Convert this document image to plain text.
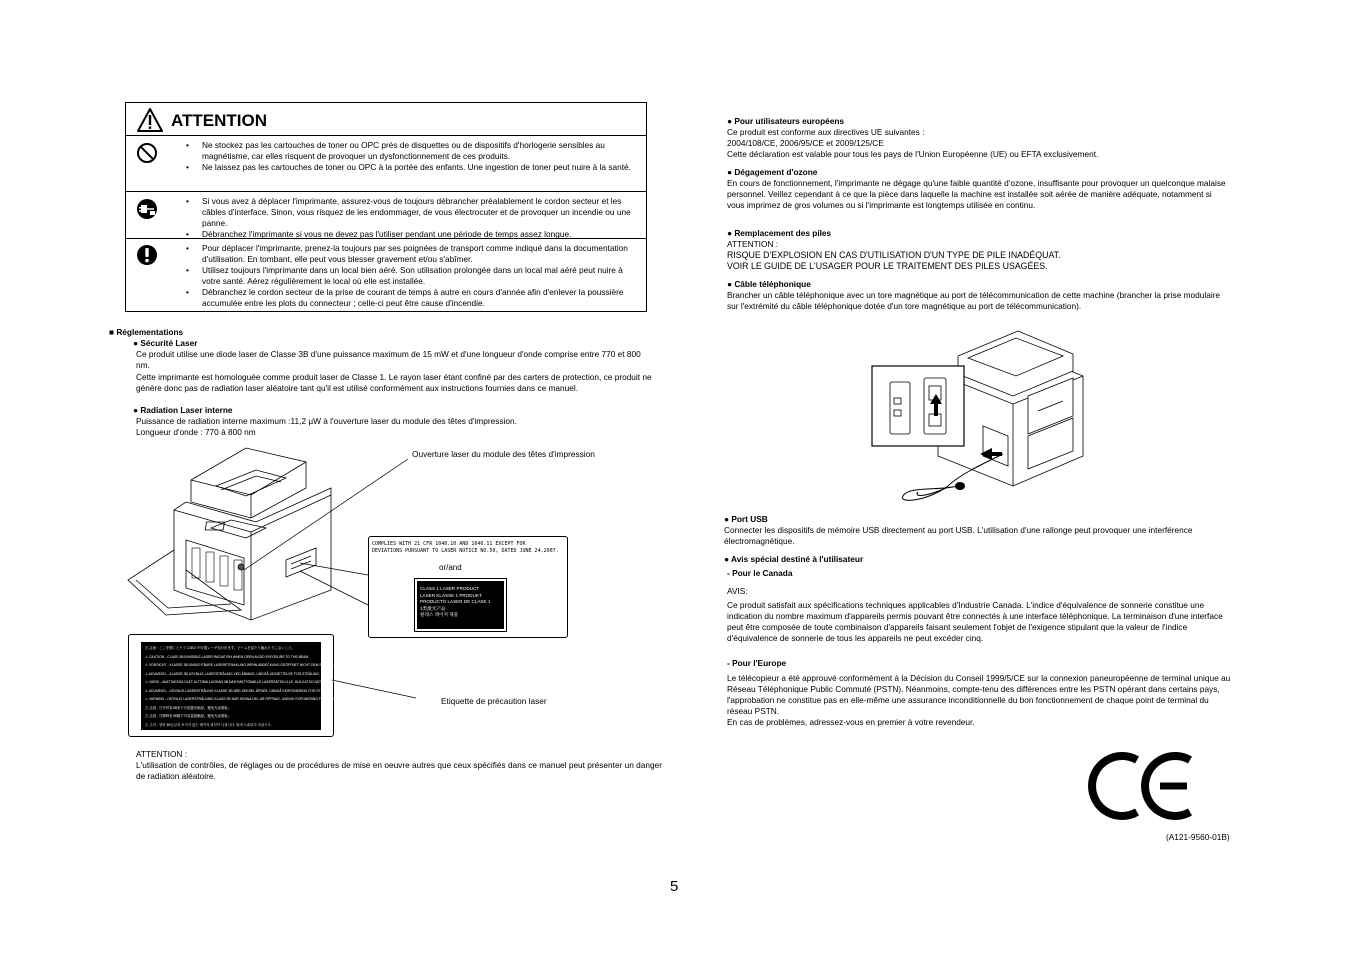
ATTENTION
• Ne stockez pas les cartouches de toner ou OPC près de disquettes ou de dispositifs d'horlogerie sensibles au magnétisme, car elles risquent de provoquer un dysfonctionnement de ces produits.
• Ne laissez pas les cartouches de toner ou OPC à la portée des enfants. Une ingestion de toner peut nuire à la santé.
• Si vous avez à déplacer l'imprimante, assurez-vous de toujours débrancher préalablement le cordon secteur et les câbles d'interface. Sinon, vous risquez de les endommager, de vous électrocuter et de provoquer un incendie ou une panne.
• Débranchez l'imprimante si vous ne devez pas l'utiliser pendant une période de temps assez longue.
• Pour déplacer l'imprimante, prenez-la toujours par ses poignées de transport comme indiqué dans la documentation d'utilisation. En tombant, elle peut vous blesser gravement et/ou s'abîmer.
• Utilisez toujours l'imprimante dans un local bien aéré. Son utilisation prolongée dans un local mal aéré peut nuire à votre santé. Aérez régulièrement le local où elle est installée.
• Débranchez le cordon secteur de la prise de courant de temps à autre en cours d'année afin d'enlever la poussière accumulée entre les plots du connecteur ; celle-ci peut être cause d'incendie.

■ Réglementations

● Sécurité Laser

Ce produit utilise une diode laser de Classe 3B d'une puissance maximum de 15 mW et d'une longueur d'onde comprise entre 770 et 800 nm.

Cette imprimante est homologuée comme produit laser de Classe 1. Le rayon laser étant confiné par des carters de protection, ce produit ne génère donc pas de radiation laser aléatoire tant qu'il est utilisé conformément aux instructions fournies dans ce manuel.

● Radiation Laser interne

Puissance de radiation interne maximum :11,2 µW à l'ouverture laser du module des têtes d'impression.

Longueur d'onde : 770 à 800 nm

Ouverture laser du module des têtes d'impression

Etiquette de précaution laser

COMPLIES WITH 21 CFR 1040.10 AND 1040.11 EXCEPT FOR
DEVIATIONS PURSUANT TO LASER NOTICE NO.50, DATED JUNE 24,2007.
or/and
CLASS 1 LASER PRODUCT
LASER KLASSE 1 PRODUKT
PRODUCTO LASER DE CLASE 1
1类激光产品
클래스 레이저 제품
⚠ 注意 : ここを開くとクラス3Bの不可視レーザ光が出ます。ビームを見たり触れたりしないこと。
⚠ CAUTION - CLASS 3B INVISIBLE LASER RADIATION WHEN OPEN AVOID EXPOSURE TO THE BEAM.
⚠ VORSICHT - KLASSE 3B UNSICHTBARE LASERSTRAHLUNG WENN ABDECKUNG GEÖFFNET NICHT DEM STRAHL AUSSETZEN.
⚠ ADVARSEL - KLASSE 3B USYNLIG LASERSTRÅLING VED ÅBNING, UNDGÅ UDSÆTTELSE FOR STRÅLING.
⚠ VARO! - AVATTAESSA OLET ALTTIINA LUOKAN 3B NÄKYMÄTTÖMÄLLE LASERSÄTEILYLLE. ÄLÄ KATSO SÄTEESEEN.
⚠ ADVARSEL - USYNLIG LASERSTRÅLING KLASSE 3B NÅR DEKSEL ÅPNES, UNNGÅ EKSPONERING FOR STRÅLEN.
⚠ VARNING - OSYNLIG LASERSTRÅLNING KLASS 3B NÄR DENNA DEL ÄR ÖPPNAD. UNDVIK EXPONERING FÖR STRÅLEN.
⚠ 注意 - 打开时有3B类不可见激光辐射。避免光束照射。
⚠ 注意 - 打開時有3B類不可見雷射輻射。避免光束照射。
⚠ 주의 - 열면 3B등급의 보이지 않는 레이저 광선이 나옵니다. 빛에 노출되지 마십시오.

ATTENTION :

L'utilisation de contrôles, de réglages ou de procédures de mise en oeuvre autres que ceux spécifiés dans ce manuel peut présenter un danger de radiation aléatoire.

● Pour utilisateurs européens

Ce produit est conforme aux directives UE suivantes :

2004/108/CE, 2006/95/CE et 2009/125/CE

Cette déclaration est valable pour tous les pays de l'Union Européenne (UE) ou EFTA exclusivement.

● Dégagement d'ozone

En cours de fonctionnement, l'imprimante ne dégage qu'une faible quantité d'ozone, insuffisante pour provoquer un quelconque malaise personnel. Veillez cependant à ce que la pièce dans laquelle la machine est installée soit aérée de manière adéquate, notamment si vous imprimez de gros volumes ou si l'imprimante est longtemps utilisée en continu.

● Remplacement des piles

ATTENTION :

RISQUE D'EXPLOSION EN CAS D'UTILISATION D'UN TYPE DE PILE INADÉQUAT.

VOIR LE GUIDE DE L'USAGER POUR LE TRAITEMENT DES PILES USAGÉES.

● Câble téléphonique

Brancher un câble téléphonique avec un tore magnétique au port de télécommunication de cette machine (brancher la prise modulaire sur l'extrémité du câble téléphonique dotée d'un tore magnétique au port de télécommunication).

● Port USB

Connecter les dispositifs de mémoire USB directement au port USB. L'utilisation d'une rallonge peut provoquer une interférence électromagnétique.

● Avis spécial destiné à l'utilisateur

- Pour le Canada

AVIS:

Ce produit satisfait aux spécifications techniques applicables d'Industrie Canada. L'indice d'équivalence de sonnerie constitue une indication du nombre maximum d'appareils permis pouvant être connectés à une interface téléphonique. La terminaison d'une interface peut être composée de toute combinaison d'appareils faisant seulement l'objet de l'exigence stipulant que la valeur de l'indice d'équivalence de sonnerie de tous les appareils ne peut excéder cinq.

- Pour l'Europe

Le télécopieur a été approuvé conformément à la Décision du Conseil 1999/5/CE sur la connexion paneuropéenne de terminal unique au Réseau Téléphonique Public Commuté (PSTN). Néanmoins, compte-tenu des différences entre les PSTN opérant dans certains pays, l'approbation ne constitue pas en elle-même une assurance inconditionnelle du bon fonctionnement de chaque point de terminal du réseau PSTN.

En cas de problèmes, adressez-vous en premier à votre revendeur.

(A121-9560-01B)

5
